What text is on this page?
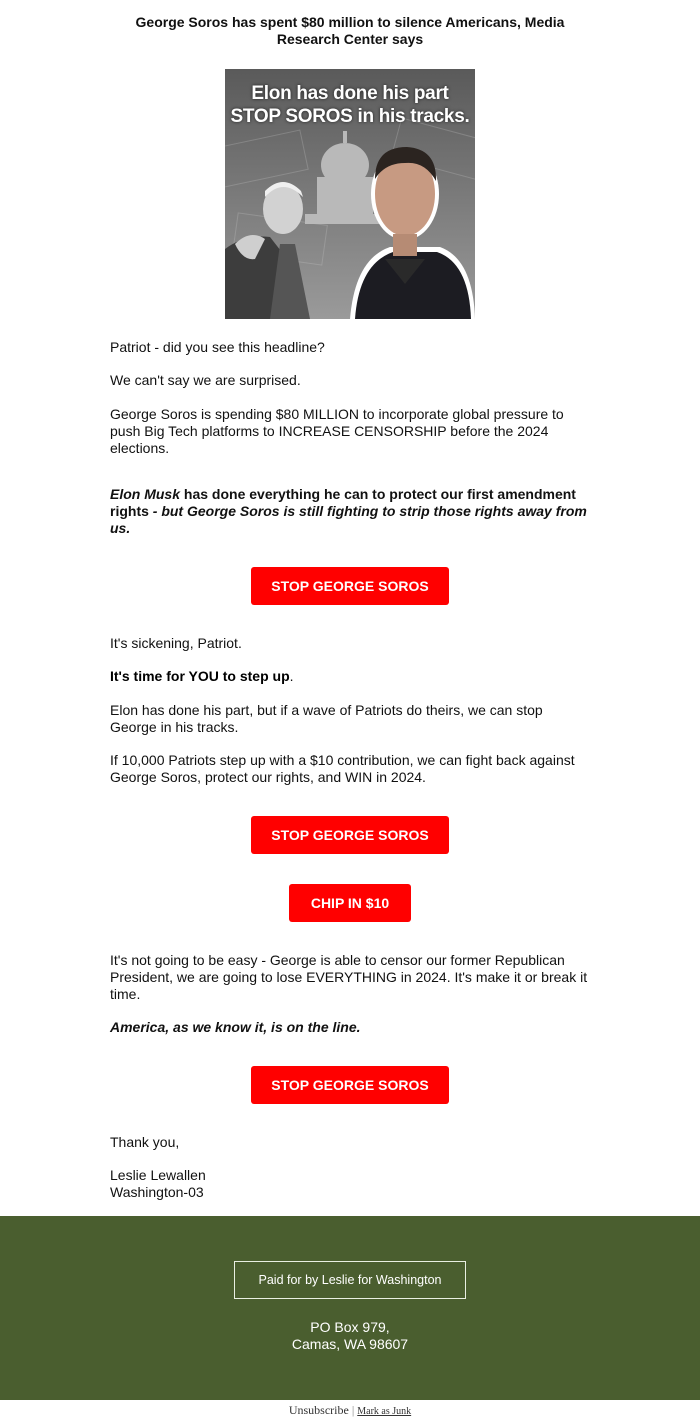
George Soros has spent $80 million to silence Americans, Media Research Center says
Elon has done his part
STOP SOROS in his tracks.

Patriot - did you see this headline?

We can't say we are surprised.

George Soros is spending $80 MILLION to incorporate global pressure to push Big Tech platforms to INCREASE CENSORSHIP before the 2024 elections.

Elon Musk has done everything he can to protect our first amendment rights - but George Soros is still fighting to strip those rights away from us.

STOP GEORGE SOROS

It's sickening, Patriot.

It's time for YOU to step up.

Elon has done his part, but if a wave of Patriots do theirs, we can stop George in his tracks.

If 10,000 Patriots step up with a $10 contribution, we can fight back against George Soros, protect our rights, and WIN in 2024.

STOP GEORGE SOROS
CHIP IN $10

It's not going to be easy - George is able to censor our former Republican President, we are going to lose EVERYTHING in 2024. It's make it or break it time.

America, as we know it, is on the line.

STOP GEORGE SOROS

Thank you,

Leslie Lewallen

Washington-03

Paid for by Leslie for Washington
PO Box 979,
Camas, WA 98607
Unsubscribe | Mark as Junk
